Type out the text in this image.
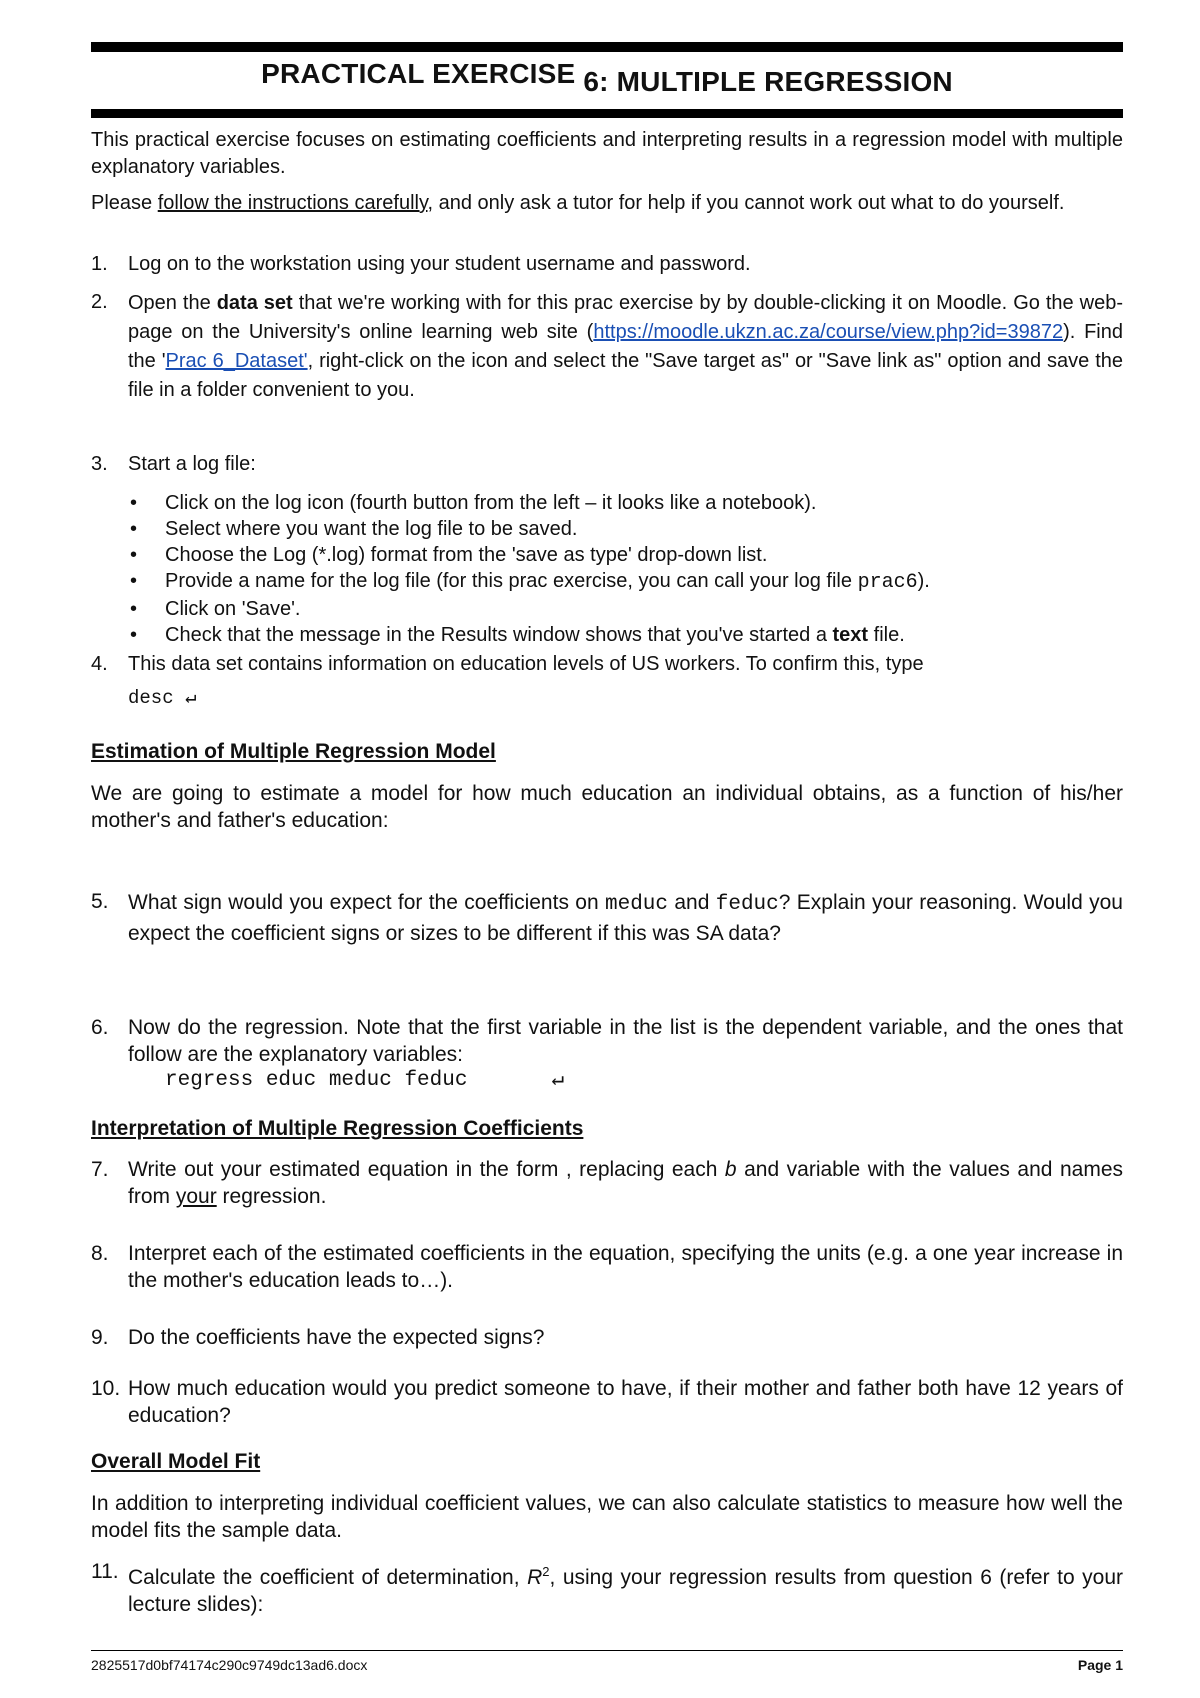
PRACTICAL EXERCISE 6: MULTIPLE REGRESSION

This practical exercise focuses on estimating coefficients and interpreting results in a regression model with multiple explanatory variables.

Please follow the instructions carefully, and only ask a tutor for help if you cannot work out what to do yourself.

1.	Log on to the workstation using your student username and password.

2.	Open the data set that we're working with for this prac exercise by by double-clicking it on Moodle. Go the web-page on the University's online learning web site (https://moodle.ukzn.ac.za/course/view.php?id=39872). Find the 'Prac 6_Dataset', right-click on the icon and select the "Save target as" or "Save link as" option and save the file in a folder convenient to you.

3.	Start a log file:

• Click on the log icon (fourth button from the left – it looks like a notebook).
• Select where you want the log file to be saved.
• Choose the Log (*.log) format from the 'save as type' drop-down list.
• Provide a name for the log file (for this prac exercise, you can call your log file prac6).
• Click on 'Save'.
• Check that the message in the Results window shows that you've started a text file.
4.	This data set contains information on education levels of US workers. To confirm this, type

desc ↵
Estimation of Multiple Regression Model

We are going to estimate a model for how much education an individual obtains, as a function of his/her mother's and father's education:

5. What sign would you expect for the coefficients on meduc and feduc? Explain your reasoning. Would you expect the coefficient signs or sizes to be different if this was SA data?

6. Now do the regression. Note that the first variable in the list is the dependent variable, and the ones that follow are the explanatory variables:

regress educ meduc feduc	↵
Interpretation of Multiple Regression Coefficients
7. Write out your estimated equation in the form , replacing each b and variable with the values and names from your regression.

8. Interpret each of the estimated coefficients in the equation, specifying the units (e.g. a one year increase in the mother's education leads to…).

9. Do the coefficients have the expected signs?

10. How much education would you predict someone to have, if their mother and father both have 12 years of education?

Overall Model Fit

In addition to interpreting individual coefficient values, we can also calculate statistics to measure how well the model fits the sample data.

11. Calculate the coefficient of determination, $R^2$, using your regression results from question 6 (refer to your lecture slides):

2825517d0bf74174c290c9749dc13ad6.docx	Page 1
